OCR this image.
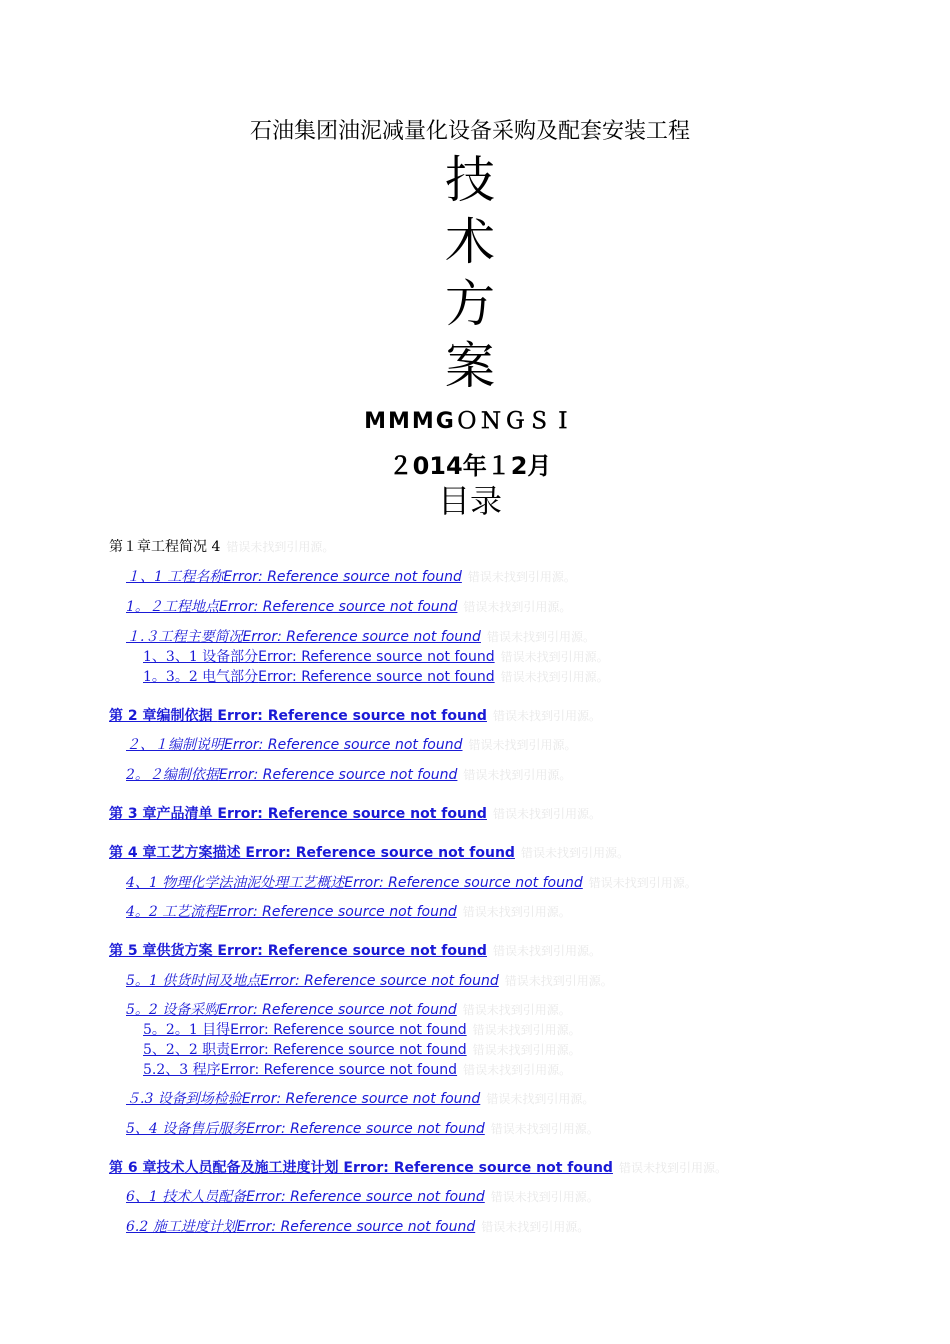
石油集团油泥减量化设备采购及配套安装工程
技
术
方
案
MMMGＯＮＧＳＩ
２014年１2月
目录
第１章工程简况 4 错误未找到引用源。
１、1 工程名称Error: Reference source not found 错误未找到引用源。
1。２工程地点Error: Reference source not found 错误未找到引用源。
１.３工程主要简况Error: Reference source not found 错误未找到引用源。
1、3、1 设备部分Error: Reference source not found 错误未找到引用源。
1。3。2 电气部分Error: Reference source not found 错误未找到引用源。
第 2 章编制依据 Error: Reference source not found 错误未找到引用源。
２、１编制说明Error: Reference source not found 错误未找到引用源。
2。２编制依据Error: Reference source not found 错误未找到引用源。
第 3 章产品清单 Error: Reference source not found 错误未找到引用源。
第 4 章工艺方案描述 Error: Reference source not found 错误未找到引用源。
4、1 物理化学法油泥处理工艺概述Error: Reference source not found 错误未找到引用源。
4。2 工艺流程Error: Reference source not found 错误未找到引用源。
第 5 章供货方案 Error: Reference source not found 错误未找到引用源。
5。1 供货时间及地点Error: Reference source not found 错误未找到引用源。
5。2 设备采购Error: Reference source not found 错误未找到引用源。
5。2。1 目得Error: Reference source not found 错误未找到引用源。
5、2、2 职责Error: Reference source not found 错误未找到引用源。
5.2、3 程序Error: Reference source not found 错误未找到引用源。
５.3 设备到场检验Error: Reference source not found 错误未找到引用源。
5、4 设备售后服务Error: Reference source not found 错误未找到引用源。
第 6 章技术人员配备及施工进度计划 Error: Reference source not found 错误未找到引用源。
6、1 技术人员配备Error: Reference source not found 错误未找到引用源。
6.2 施工进度计划Error: Reference source not found 错误未找到引用源。
